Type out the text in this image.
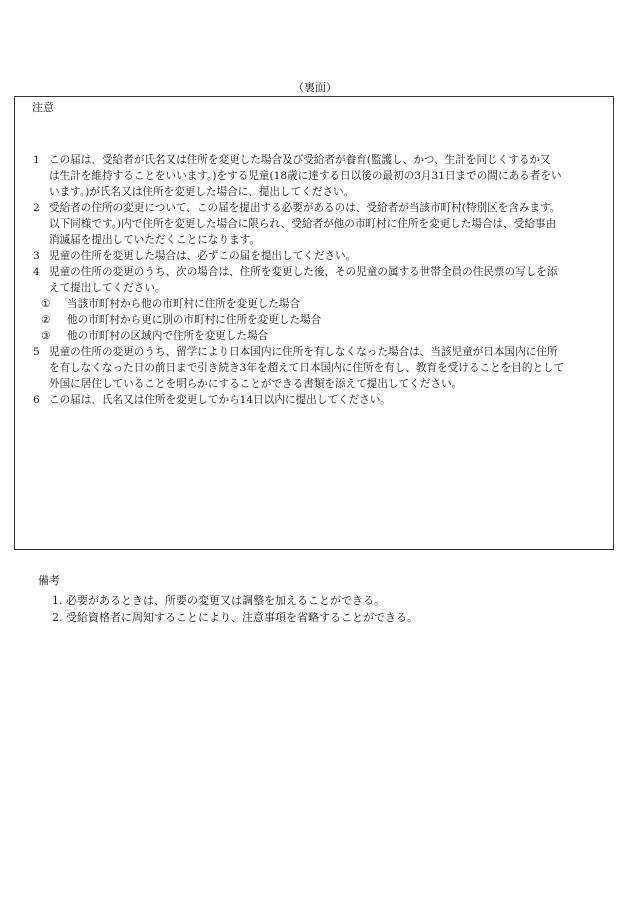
（裏面）
注意
1 この届は、受給者が氏名又は住所を変更した場合及び受給者が養育(監護し、かつ、生計を同じくするか又
は生計を維持することをいいます。)をする児童(18歳に達する日以後の最初の3月31日までの間にある者をい
います。)が氏名又は住所を変更した場合に、提出してください。
2 受給者の住所の変更について、この届を提出する必要があるのは、受給者が当該市町村(特別区を含みます。
以下同様です。)内で住所を変更した場合に限られ、受給者が他の市町村に住所を変更した場合は、受給事由
消滅届を提出していただくことになります。
3 児童の住所を変更した場合は、必ずこの届を提出してください。
4 児童の住所の変更のうち、次の場合は、住所を変更した後、その児童の属する世帯全員の住民票の写しを添
えて提出してください。
① 当該市町村から他の市町村に住所を変更した場合
② 他の市町村から更に別の市町村に住所を変更した場合
③ 他の市町村の区域内で住所を変更した場合
5 児童の住所の変更のうち、留学により日本国内に住所を有しなくなった場合は、当該児童が日本国内に住所
を有しなくなった日の前日まで引き続き3年を超えて日本国内に住所を有し、教育を受けることを目的として
外国に居住していることを明らかにすることができる書類を添えて提出してください。
6 この届は、氏名又は住所を変更してから14日以内に提出してください。
備考
1. 必要があるときは、所要の変更又は調整を加えることができる。
2. 受給資格者に周知することにより、注意事項を省略することができる。
